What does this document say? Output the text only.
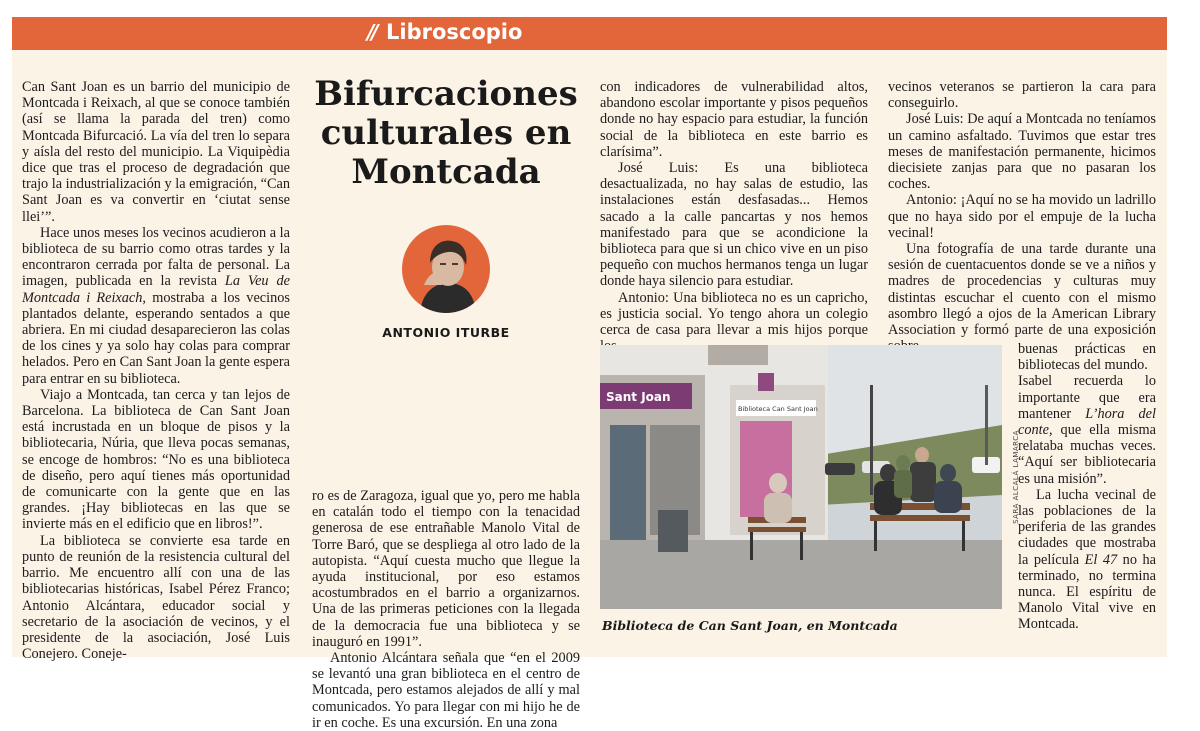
// Libroscopio

Can Sant Joan es un barrio del municipio de Montcada i Reixach, al que se conoce también (así se llama la parada del tren) como Montcada Bifurcació. La vía del tren lo separa y aísla del resto del municipio. La Viquipèdia dice que tras el proceso de degradación que trajo la industrialización y la emigración, “Can Sant Joan es va convertir en ‘ciutat sense llei’”.

Hace unos meses los vecinos acudieron a la biblioteca de su barrio como otras tardes y la encontraron cerrada por falta de personal. La imagen, publicada en la revista La Veu de Montcada i Reixach, mostraba a los vecinos plantados delante, esperando sentados a que abriera. En mi ciudad desaparecieron las colas de los cines y ya solo hay colas para comprar helados. Pero en Can Sant Joan la gente espera para entrar en su biblioteca.

Viajo a Montcada, tan cerca y tan lejos de Barcelona. La biblioteca de Can Sant Joan está incrustada en un bloque de pisos y la bibliotecaria, Núria, que lleva pocas semanas, se encoge de hombros: “No es una biblioteca de diseño, pero aquí tienes más oportunidad de comunicarte con la gente que en las grandes. ¡Hay bibliotecas en las que se invierte más en el edificio que en libros!”.

La biblioteca se convierte esa tarde en punto de reunión de la resistencia cultural del barrio. Me encuentro allí con una de las bibliotecarias históricas, Isabel Pérez Franco; Antonio Alcántara, educador social y secretario de la asociación de vecinos, y el presidente de la asociación, José Luis Conejero. Coneje-

Bifurcaciones
culturales en
Montcada
ANTONIO ITURBE

ro es de Zaragoza, igual que yo, pero me habla en catalán todo el tiempo con la tenacidad generosa de ese entrañable Manolo Vital de Torre Baró, que se despliega al otro lado de la autopista. “Aquí cuesta mucho que llegue la ayuda institucional, por eso estamos acostumbrados en el barrio a organizarnos. Una de las primeras peticiones con la llegada de la democracia fue una biblioteca y se inauguró en 1991”.

Antonio Alcántara señala que “en el 2009 se levantó una gran biblioteca en el centro de Montcada, pero estamos alejados de allí y mal comunicados. Yo para llegar con mi hijo he de ir en coche. Es una excursión. En una zona

con indicadores de vulnerabilidad altos, abandono escolar importante y pisos pequeños donde no hay espacio para estudiar, la función social de la biblioteca en este barrio es clarísima”.

José Luis: Es una biblioteca desactualizada, no hay salas de estudio, las instalaciones están desfasadas... Hemos sacado a la calle pancartas y nos hemos manifestado para que se acondicione la biblioteca para que si un chico vive en un piso pequeño con muchos hermanos tenga un lugar donde haya silencio para estudiar.

Antonio: Una biblioteca no es un capricho, es justicia social. Yo tengo ahora un colegio cerca de casa para llevar a mis hijos porque

vecinos veteranos se partieron la cara para conseguirlo.

José Luis: De aquí a Montcada no teníamos un camino asfaltado. Tuvimos que estar tres meses de manifestación permanente, hicimos diecisiete zanjas para que no pasaran los coches.

Antonio: ¡Aquí no se ha movido un ladrillo que no haya sido por el empuje de la lucha vecinal!

Una fotografía de una tarde durante una sesión de cuentacuentos donde se ve a niños y madres de procedencias y culturas muy distintas escuchar el cuento con el mismo asombro llegó a ojos de la American Library Association y formó parte de una exposición

buenas prácticas en bibliotecas del mundo.

Isabel recuerda lo importante que era mantener L’hora del conte, que ella misma relataba muchas veces. “Aquí ser bibliotecaria es una misión”.

La lucha vecinal de las poblaciones de la periferia de las grandes ciudades que mostraba la película El 47 no ha terminado, no termina nunca. El espíritu de Manolo Vital vive en Montcada.

Sant Joan
Biblioteca Can Sant Joan
SARA ALCALÁ LAMARCA
Biblioteca de Can Sant Joan, en Montcada
